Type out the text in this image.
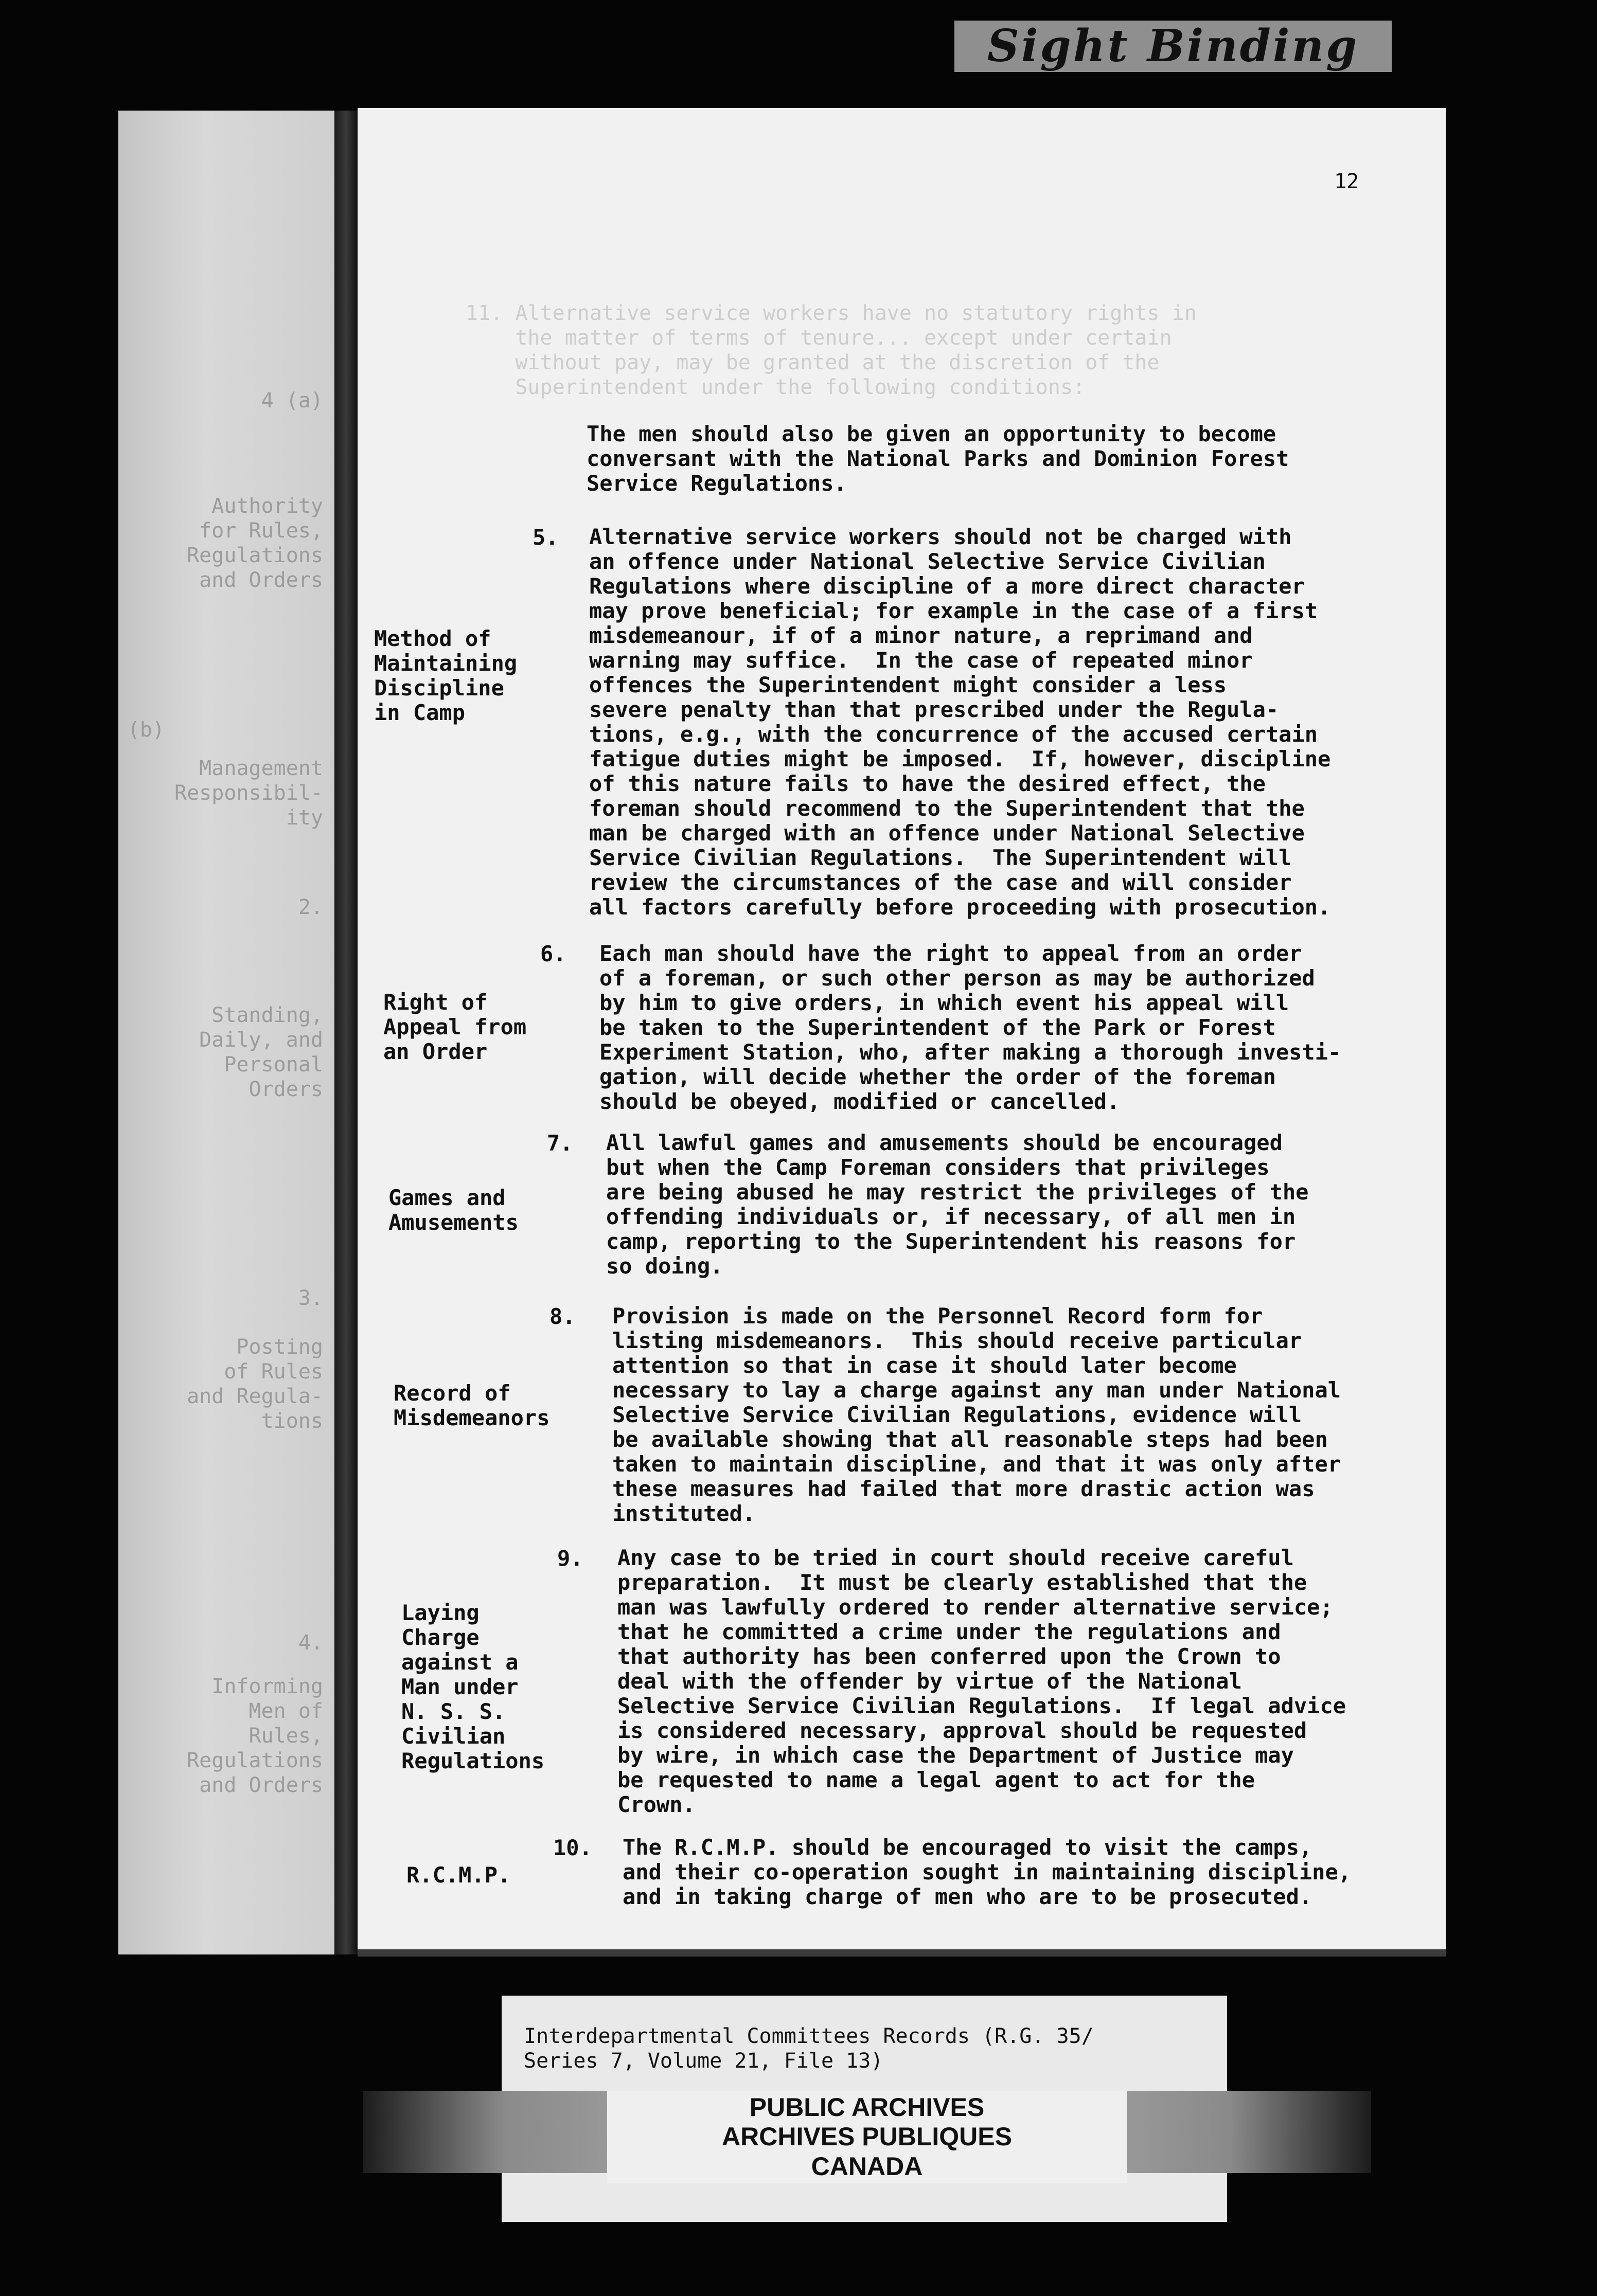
Sight Binding
4 (a)
Authority
for Rules,
Regulations
and Orders
(b)
Management
Responsibil-
ity
2.
Standing,
Daily, and
Personal
Orders
3.
Posting
of Rules
and Regula-
tions
4.
Informing
Men of
Rules,
Regulations
and Orders
11. Alternative service workers have no statutory rights in
the matter of terms of tenure... except under certain
without pay, may be granted at the discretion of the
Superintendent under the following conditions:
12
The men should also be given an opportunity to become
conversant with the National Parks and Dominion Forest
Service Regulations.
5.
Method of
Maintaining
Discipline
in Camp
Alternative service workers should not be charged with
an offence under National Selective Service Civilian
Regulations where discipline of a more direct character
may prove beneficial; for example in the case of a first
misdemeanour, if of a minor nature, a reprimand and
warning may suffice.  In the case of repeated minor
offences the Superintendent might consider a less
severe penalty than that prescribed under the Regula-
tions, e.g., with the concurrence of the accused certain
fatigue duties might be imposed.  If, however, discipline
of this nature fails to have the desired effect, the
foreman should recommend to the Superintendent that the
man be charged with an offence under National Selective
Service Civilian Regulations.  The Superintendent will
review the circumstances of the case and will consider
all factors carefully before proceeding with prosecution.
6.
Right of
Appeal from
an Order
Each man should have the right to appeal from an order
of a foreman, or such other person as may be authorized
by him to give orders, in which event his appeal will
be taken to the Superintendent of the Park or Forest
Experiment Station, who, after making a thorough investi-
gation, will decide whether the order of the foreman
should be obeyed, modified or cancelled.
7.
Games and
Amusements
All lawful games and amusements should be encouraged
but when the Camp Foreman considers that privileges
are being abused he may restrict the privileges of the
offending individuals or, if necessary, of all men in
camp, reporting to the Superintendent his reasons for
so doing.
8.
Record of
Misdemeanors
Provision is made on the Personnel Record form for
listing misdemeanors.  This should receive particular
attention so that in case it should later become
necessary to lay a charge against any man under National
Selective Service Civilian Regulations, evidence will
be available showing that all reasonable steps had been
taken to maintain discipline, and that it was only after
these measures had failed that more drastic action was
instituted.
9.
Laying
Charge
against a
Man under
N. S. S.
Civilian
Regulations
Any case to be tried in court should receive careful
preparation.  It must be clearly established that the
man was lawfully ordered to render alternative service;
that he committed a crime under the regulations and
that authority has been conferred upon the Crown to
deal with the offender by virtue of the National
Selective Service Civilian Regulations.  If legal advice
is considered necessary, approval should be requested
by wire, in which case the Department of Justice may
be requested to name a legal agent to act for the
Crown.
10.
R.C.M.P.
The R.C.M.P. should be encouraged to visit the camps,
and their co-operation sought in maintaining discipline,
and in taking charge of men who are to be prosecuted.
Interdepartmental Committees Records (R.G. 35/
Series 7, Volume 21, File 13)
PUBLIC ARCHIVES
ARCHIVES PUBLIQUES
CANADA
